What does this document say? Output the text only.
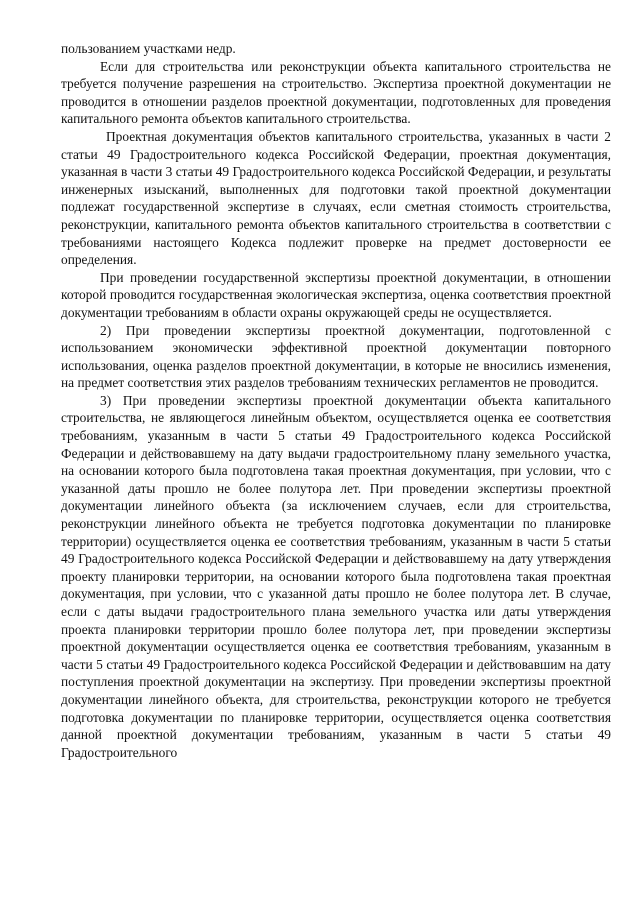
пользованием участками недр.

Если для строительства или реконструкции объекта капитального строительства не требуется получение разрешения на строительство. Экспертиза проектной документации не проводится в отношении разделов проектной документации, подготовленных для проведения капитального ремонта объектов капитального строительства.

Проектная документация объектов капитального строительства, указанных в части 2 статьи 49 Градостроительного кодекса Российской Федерации, проектная документация, указанная в части 3 статьи 49 Градостроительного кодекса Российской Федерации, и результаты инженерных изысканий, выполненных для подготовки такой проектной документации подлежат государственной экспертизе в случаях, если сметная стоимость строительства, реконструкции, капитального ремонта объектов капитального строительства в соответствии с требованиями настоящего Кодекса подлежит проверке на предмет достоверности ее определения.

При проведении государственной экспертизы проектной документации, в отношении которой проводится государственная экологическая экспертиза, оценка соответствия проектной документации требованиям в области охраны окружающей среды не осуществляется.

2) При проведении экспертизы проектной документации, подготовленной с использованием экономически эффективной проектной документации повторного использования, оценка разделов проектной документации, в которые не вносились изменения, на предмет соответствия этих разделов требованиям технических регламентов не проводится.

3) При проведении экспертизы проектной документации объекта капитального строительства, не являющегося линейным объектом, осуществляется оценка ее соответствия требованиям, указанным в части 5 статьи 49 Градостроительного кодекса Российской Федерации и действовавшему на дату выдачи градостроительному плану земельного участка, на основании которого была подготовлена такая проектная документация, при условии, что с указанной даты прошло не более полутора лет. При проведении экспертизы проектной документации линейного объекта (за исключением случаев, если для строительства, реконструкции линейного объекта не требуется подготовка документации по планировке территории) осуществляется оценка ее соответствия требованиям, указанным в части 5 статьи 49 Градостроительного кодекса Российской Федерации и действовавшему на дату утверждения проекту планировки территории, на основании которого была подготовлена такая проектная документация, при условии, что с указанной даты прошло не более полутора лет. В случае, если с даты выдачи градостроительного плана земельного участка или даты утверждения проекта планировки территории прошло более полутора лет, при проведении экспертизы проектной документации осуществляется оценка ее соответствия требованиям, указанным в части 5 статьи 49 Градостроительного кодекса Российской Федерации и действовавшим на дату поступления проектной документации на экспертизу. При проведении экспертизы проектной документации линейного объекта, для строительства, реконструкции которого не требуется подготовка документации по планировке территории, осуществляется оценка соответствия данной проектной документации требованиям, указанным в части 5 статьи 49 Градостроительного
